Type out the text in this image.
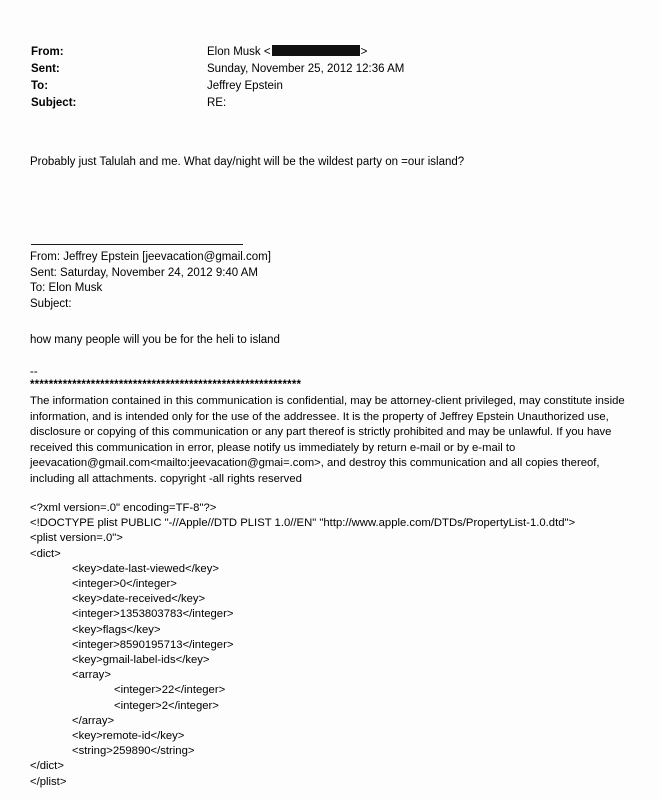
From:	Elon Musk <	>
Sent:	Sunday, November 25, 2012 12:36 AM
To:	Jeffrey Epstein
Subject:	RE:

Probably just Talulah and me. What day/night will be the wildest party on =our island?

From: Jeffrey Epstein [jeevacation@gmail.com]

Sent: Saturday, November 24, 2012 9:40 AM

To: Elon Musk

Subject:

how many people will you be for the heli to island

--

**********************************************************

The information contained in this communication is confidential, may be attorney-client privileged, may constitute inside information, and is intended only for the use of the addressee. It is the property of Jeffrey Epstein Unauthorized use, disclosure or copying of this communication or any part thereof is strictly prohibited and may be unlawful. If you have received this communication in error, please notify us immediately by return e-mail or by e-mail to jeevacation@gmail.com<mailto:jeevacation@gmai=.com>, and destroy this communication and all copies thereof, including all attachments. copyright -all rights reserved

<?xml version=.0" encoding=TF-8"?>
<!DOCTYPE plist PUBLIC "-//Apple//DTD PLIST 1.0//EN" "http://www.apple.com/DTDs/PropertyList-1.0.dtd">
<plist version=.0">
<dict>
<key>date-last-viewed</key>
<integer>0</integer>
<key>date-received</key>
<integer>1353803783</integer>
<key>flags</key>
<integer>8590195713</integer>
<key>gmail-label-ids</key>
<array>
<integer>22</integer>
<integer>2</integer>
</array>
<key>remote-id</key>
<string>259890</string>
</dict>
</plist>
